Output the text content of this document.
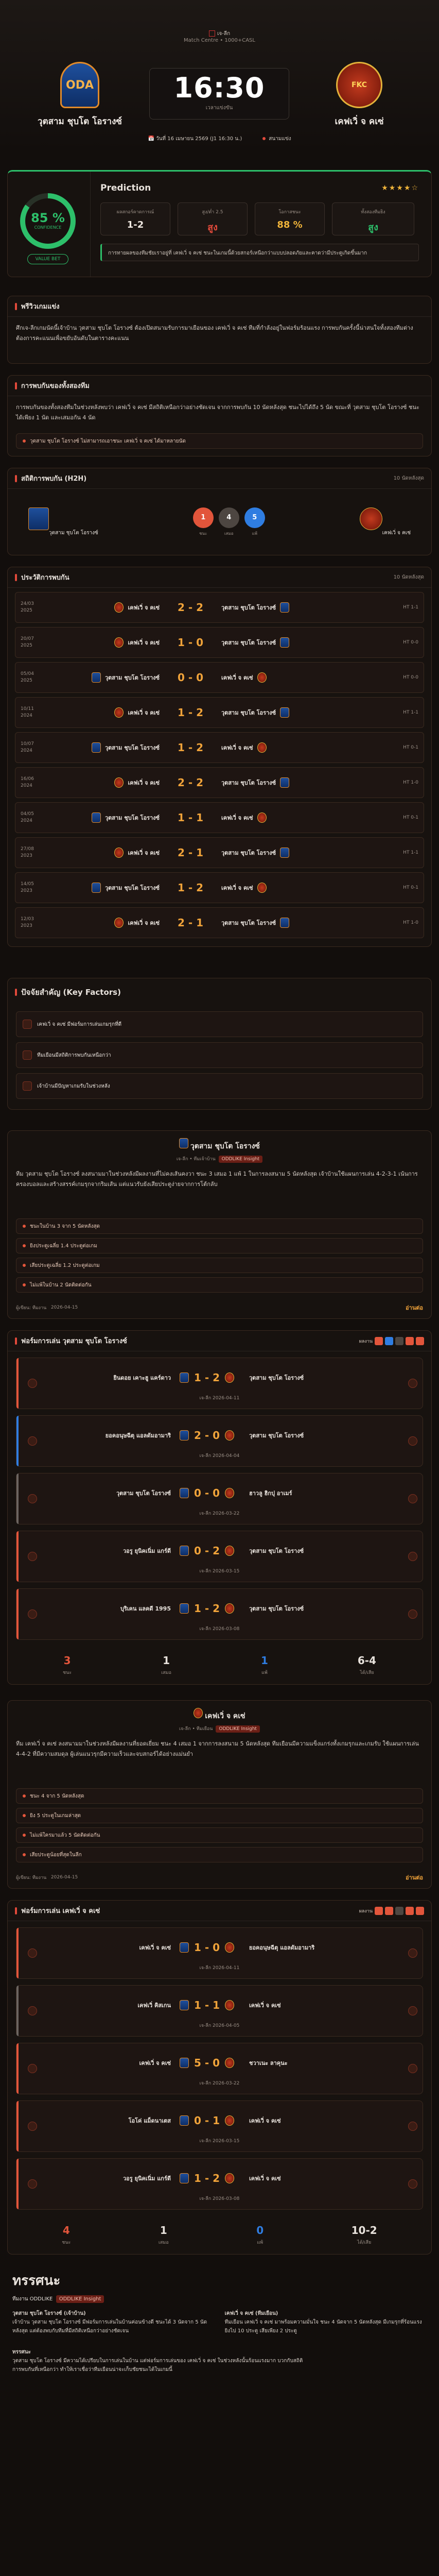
เจ-ลีก
Match Centre • 1000+CASL
ODA
วุตสาม ชุบโต โอรางซ์
16:30
เวลาแข่งขัน
FKC
เคฟเวิ่ จ คเซ่
📅 วันที่ 16 เมษายน 2569 (J1 16:30 น.)	สนามแข่ง
85 %
CONFIDENCE
VALUE BET
Prediction	★★★★☆
ผลสกอร์คาดการณ์
1-2
สูง/ต่ำ 2.5
สูง
โอกาสชนะ
88 %
ทั้งสองทีมยิง
สูง
การทายผลของทีมชัยเราอยู่ที่ เคฟเวิ่ จ คเซ่ ชนะในเกมนี้ด้วยสกอร์เหนือกว่าแบบปลอดภัยและคาดว่ามีประตูเกิดขึ้นมาก
พรีวิวเกมแข่ง
ศึกเจ-ลีกเกมนัดนี้เจ้าบ้าน วุตสาม ชุบโต โอรางซ์ ต้องเปิดสนามรับการมาเยือนของ เคฟเวิ่ จ คเซ่ ทีมที่กำลังอยู่ในฟอร์มร้อนแรง การพบกันครั้งนี้น่าสนใจทั้งสองทีมต่างต้องการคะแนนเพื่อขยับอันดับในตารางคะแนน
การพบกันของทั้งสองทีม
การพบกันของทั้งสองทีมในช่วงหลังพบว่า เคฟเวิ่ จ คเซ่ มีสถิติเหนือกว่าอย่างชัดเจน จากการพบกัน 10 นัดหลังสุด ชนะไปได้ถึง 5 นัด ขณะที่ วุตสาม ชุบโต โอรางซ์ ชนะได้เพียง 1 นัด และเสมอกัน 4 นัด
วุตสาม ชุบโต โอรางซ์ ไม่สามารถเอาชนะ เคฟเวิ่ จ คเซ่ ได้มาหลายนัด
สถิติการพบกัน (H2H)	10 นัดหลังสุด
วุตสาม ชุบโต โอรางซ์
1
ชนะ
4
เสมอ
5
แพ้	เคฟเวิ่ จ คเซ่
ประวัติการพบกัน	10 นัดหลังสุด
24/03
2025	เคฟเวิ่ จ คเซ่	2 - 2	วุตสาม ชุบโต โอรางซ์	HT 1-1
20/07
2025	เคฟเวิ่ จ คเซ่	1 - 0	วุตสาม ชุบโต โอรางซ์	HT 0-0
05/04
2025	วุตสาม ชุบโต โอรางซ์	0 - 0	เคฟเวิ่ จ คเซ่	HT 0-0
10/11
2024	เคฟเวิ่ จ คเซ่	1 - 2	วุตสาม ชุบโต โอรางซ์	HT 1-1
10/07
2024	วุตสาม ชุบโต โอรางซ์	1 - 2	เคฟเวิ่ จ คเซ่	HT 0-1
16/06
2024	เคฟเวิ่ จ คเซ่	2 - 2	วุตสาม ชุบโต โอรางซ์	HT 1-0
04/05
2024	วุตสาม ชุบโต โอรางซ์	1 - 1	เคฟเวิ่ จ คเซ่	HT 0-1
27/08
2023	เคฟเวิ่ จ คเซ่	2 - 1	วุตสาม ชุบโต โอรางซ์	HT 1-1
14/05
2023	วุตสาม ชุบโต โอรางซ์	1 - 2	เคฟเวิ่ จ คเซ่	HT 0-1
12/03
2023	เคฟเวิ่ จ คเซ่	2 - 1	วุตสาม ชุบโต โอรางซ์	HT 1-0
ปัจจัยสำคัญ (Key Factors)
เคฟเวิ่ จ คเซ่ มีฟอร์มการเล่นเกมรุกที่ดี
ทีมเยือนมีสถิติการพบกันเหนือกว่า
เจ้าบ้านมีปัญหาเกมรับในช่วงหลัง
วุตสาม ชุบโต โอรางซ์
เจ-ลีก • ทีมเจ้าบ้าน ODDLIKE Insight
ทีม วุตสาม ชุบโต โอรางซ์ ลงสนามมาในช่วงหลังมีผลงานที่ไม่คงเส้นคงวา ชนะ 3 เสมอ 1 แพ้ 1 ในการลงสนาม 5 นัดหลังสุด เจ้าบ้านใช้แผนการเล่น 4-2-3-1 เน้นการครองบอลและสร้างสรรค์เกมรุกจากริมเส้น แต่แนวรับยังเสียประตูง่ายจากการโต้กลับ
ชนะในบ้าน 3 จาก 5 นัดหลังสุด
ยิงประตูเฉลี่ย 1.4 ประตูต่อเกม
เสียประตูเฉลี่ย 1.2 ประตูต่อเกม
ไม่แพ้ในบ้าน 2 นัดติดต่อกัน
ผู้เขียน: ทีมงาน
2026-04-15	อ่านต่อ
ฟอร์มการเล่น วุตสาม ชุบโต โอรางซ์	ผลงาน
ยินดอย เคาะฮู แคร์ดาว 1 - 2	วุตสาม ชุบโต โอรางซ์
เจ-ลีก 2026-04-11
ยอคอนุษฉีตุ แอลดัมอามาริ 2 - 0	วุตสาม ชุบโต โอรางซ์
เจ-ลีก 2026-04-04
วุตสาม ชุบโต โอรางซ์ 0 - 0	ฮาวลู ฮิกปุ อาเมร์
เจ-ลีก 2026-03-22
วอรู ยุนิคเนิ่ม แกร์ดี 0 - 2	วุตสาม ชุบโต โอรางซ์
เจ-ลีก 2026-03-15
บุริเคน แลคดี 1995 1 - 2	วุตสาม ชุบโต โอรางซ์
เจ-ลีก 2026-03-08
3
ชนะ
1
เสมอ
1
แพ้
6-4
ได้/เสีย
เคฟเวิ่ จ คเซ่
เจ-ลีก • ทีมเยือน ODDLIKE Insight
ทีม เคฟเวิ่ จ คเซ่ ลงสนามมาในช่วงหลังมีผลงานที่ยอดเยี่ยม ชนะ 4 เสมอ 1 จากการลงสนาม 5 นัดหลังสุด ทีมเยือนมีความแข็งแกร่งทั้งเกมรุกและเกมรับ ใช้แผนการเล่น 4-4-2 ที่มีความสมดุล ผู้เล่นแนวรุกมีความเร็วและจบสกอร์ได้อย่างแม่นยำ
ชนะ 4 จาก 5 นัดหลังสุด
ยิง 5 ประตูในเกมล่าสุด
ไม่แพ้ใครมาแล้ว 5 นัดติดต่อกัน
เสียประตูน้อยที่สุดในลีก
ผู้เขียน: ทีมงาน
2026-04-15	อ่านต่อ
ฟอร์มการเล่น เคฟเวิ่ จ คเซ่	ผลงาน
เคฟเวิ่ จ คเซ่ 1 - 0	ยอคอนุษฉีตุ แอลดัมอามาริ
เจ-ลีก 2026-04-11
เคฟเวิ่ คิสเกน 1 - 1	เคฟเวิ่ จ คเซ่
เจ-ลีก 2026-04-05
เคฟเวิ่ จ คเซ่ 5 - 0	ชวาเนะ ลาคุนะ
เจ-ลีก 2026-03-22
โอโค่ แม็ดนาเตส 0 - 1	เคฟเวิ่ จ คเซ่
เจ-ลีก 2026-03-15
วอรู ยุนิคเนิ่ม แกร์ดี 1 - 2	เคฟเวิ่ จ คเซ่
เจ-ลีก 2026-03-08
4
ชนะ
1
เสมอ
0
แพ้
10-2
ได้/เสีย
ทรรศนะ
ทีมงาน ODDLIKE
	ODDLIKE Insight
วุตสาม ชุบโต โอรางซ์ (เจ้าบ้าน)
เจ้าบ้าน วุตสาม ชุบโต โอรางซ์ มีฟอร์มการเล่นในบ้านค่อนข้างดี ชนะได้ 3 นัดจาก 5 นัดหลังสุด แต่ต้องพบกับทีมที่มีสถิติเหนือกว่าอย่างชัดเจน
เคฟเวิ่ จ คเซ่ (ทีมเยือน)
ทีมเยือน เคฟเวิ่ จ คเซ่ มาพร้อมความมั่นใจ ชนะ 4 นัดจาก 5 นัดหลังสุด มีเกมรุกที่ร้อนแรง ยิงไป 10 ประตู เสียเพียง 2 ประตู
ทรรศนะ
วุตสาม ชุบโต โอรางซ์ มีความได้เปรียบในการเล่นในบ้าน แต่ฟอร์มการเล่นของ เคฟเวิ่ จ คเซ่ ในช่วงหลังนั้นร้อนแรงมาก บวกกับสถิติการพบกันที่เหนือกว่า ทำให้เราเชื่อว่าทีมเยือนน่าจะเก็บชัยชนะได้ในเกมนี้
